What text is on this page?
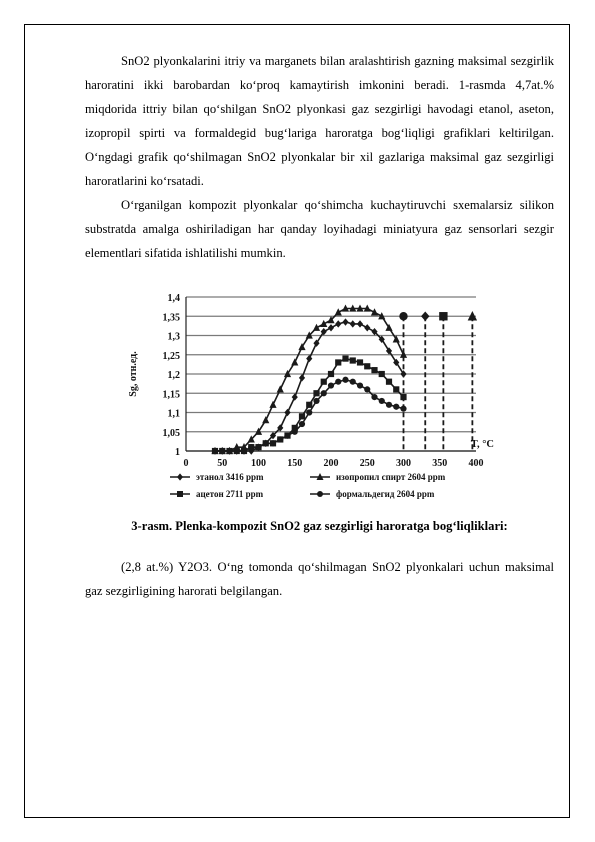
SnO2 plyonkalarini itriy va marganets bilan aralashtirish gazning maksimal sezgirlik haroratini ikki barobardan ko‘proq kamaytirish imkonini beradi. 1-rasmda 4,7at.% miqdorida ittriy bilan qo‘shilgan SnO2 plyonkasi gaz sezgirligi havodagi etanol, aseton, izopropil spirti va formaldegid bug‘lariga haroratga bog‘liqligi grafiklari keltirilgan. O‘ngdagi grafik qo‘shilmagan SnO2 plyonkalar bir xil gazlariga maksimal gaz sezgirligi haroratlarini ko‘rsatadi.

O‘rganilgan kompozit plyonkalar qo‘shimcha kuchaytiruvchi sxemalarsiz silikon substratda amalga oshiriladigan har qanday loyihadagi miniatyura gaz sensorlari sezgir elementlari sifatida ishlatilishi mumkin.

1
1,05
1,1
1,15
1,2
1,25
1,3
1,35
1,4
0	50 100 150 200 250 300 350 400
Sg, отн.ед.
T, °C
этанол 3416 ppm
ацетон 2711 ppm
изопропил спирт 2604 ppm
формальдегид 2604 ppm

3-rasm. Plenka-kompozit SnO2 gaz sezgirligi haroratga bog‘liqliklari:

(2,8 at.%) Y2O3. O‘ng tomonda qo‘shilmagan SnO2 plyonkalari uchun maksimal gaz sezgirligining harorati belgilangan.
